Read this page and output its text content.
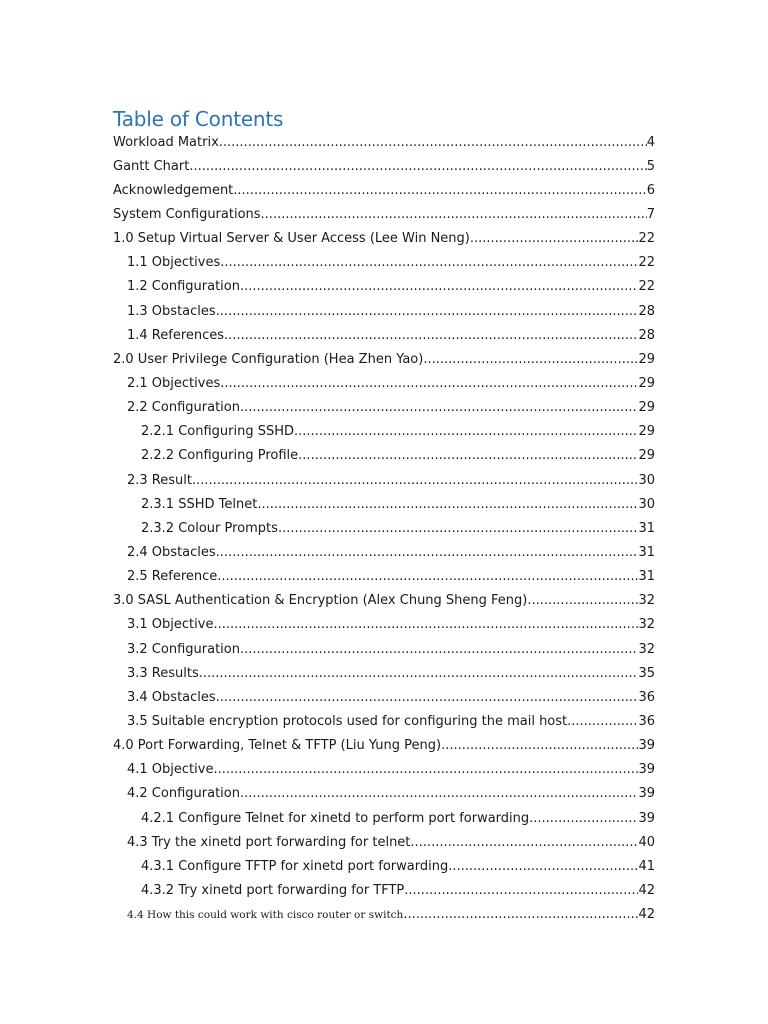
Table of Contents
Workload Matrix .....	4
Gantt Chart .....	5
Acknowledgement .....	6
System Configurations .....	7
1.0 Setup Virtual Server & User Access (Lee Win Neng) .....	22
1.1 Objectives .....	22
1.2 Configuration .....	22
1.3 Obstacles .....	28
1.4 References .....	28
2.0 User Privilege Configuration (Hea Zhen Yao) .....	29
2.1 Objectives .....	29
2.2 Configuration .....	29
2.2.1 Configuring SSHD .....	29
2.2.2 Configuring Profile .....	29
2.3 Result .....	30
2.3.1 SSHD Telnet .....	30
2.3.2 Colour Prompts .....	31
2.4 Obstacles .....	31
2.5 Reference .....	31
3.0 SASL Authentication & Encryption (Alex Chung Sheng Feng) .....	32
3.1 Objective .....	32
3.2 Configuration .....	32
3.3 Results .....	35
3.4 Obstacles .....	36
3.5 Suitable encryption protocols used for configuring the mail host .....	36
4.0 Port Forwarding, Telnet & TFTP (Liu Yung Peng) .....	39
4.1 Objective .....	39
4.2 Configuration .....	39
4.2.1 Configure Telnet for xinetd to perform port forwarding .....	39
4.3 Try the xinetd port forwarding for telnet .....	40
4.3.1 Configure TFTP for xinetd port forwarding .....	41
4.3.2 Try xinetd port forwarding for TFTP .....	42
4.4 How this could work with cisco router or switch .....	42
